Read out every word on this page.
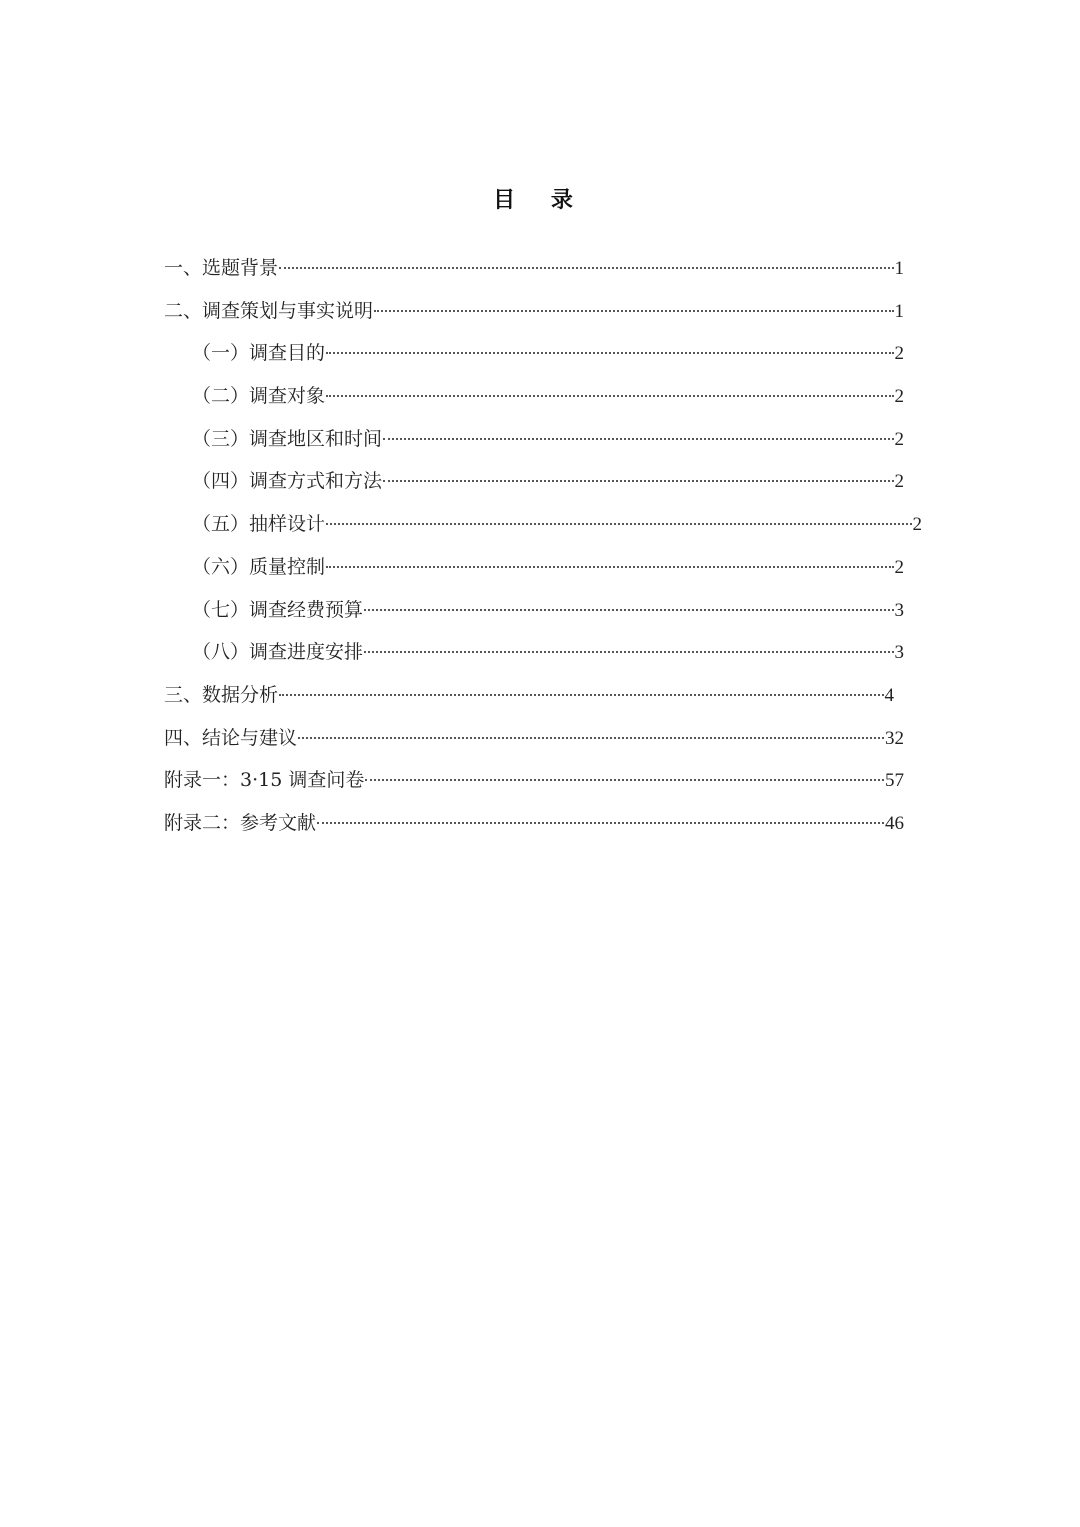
目 录
一、选题背景	1
二、调查策划与事实说明	1
（一）调查目的	2
（二）调查对象	2
（三）调查地区和时间	2
（四）调查方式和方法	2
（五）抽样设计	2
（六）质量控制	2
（七）调查经费预算	3
（八）调查进度安排	3
三、数据分析	4
四、结论与建议	32
附录一：3·15 调查问卷	57
附录二：参考文献	46
